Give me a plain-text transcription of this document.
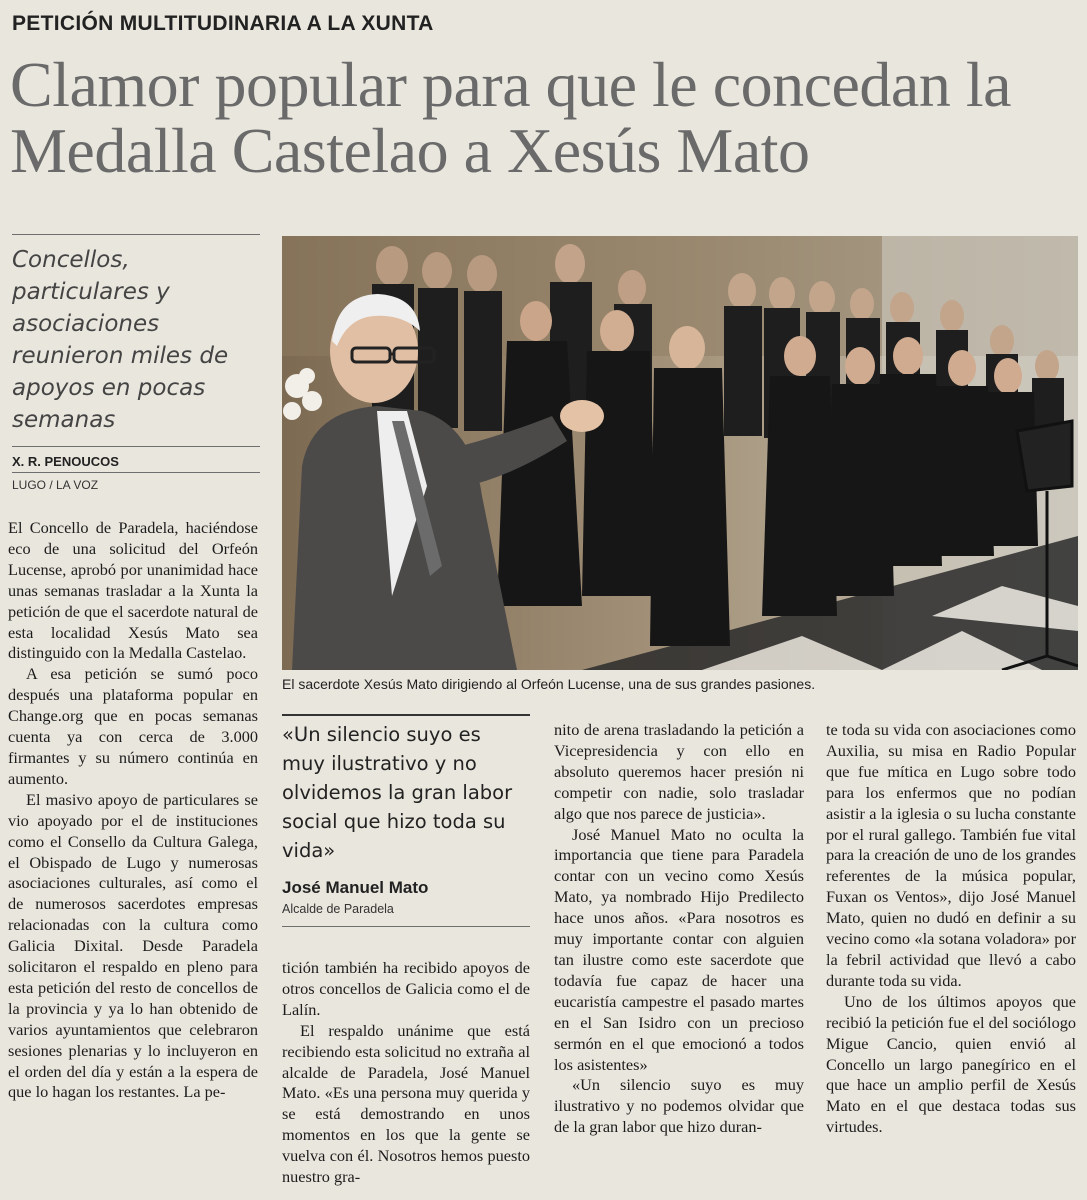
PETICIÓN MULTITUDINARIA A LA XUNTA
Clamor popular para que le concedan la Medalla Castelao a Xesús Mato
Concellos, particulares y asociaciones reunieron miles de apoyos en pocas semanas
X. R. PENOUCOS
LUGO / LA VOZ
El sacerdote Xesús Mato dirigiendo al Orfeón Lucense, una de sus grandes pasiones.

El Concello de Paradela, haciéndose eco de una solicitud del Orfeón Lucense, aprobó por unanimidad hace unas semanas trasladar a la Xunta la petición de que el sacerdote natural de esta localidad Xesús Mato sea distinguido con la Medalla Castelao.

A esa petición se sumó poco después una plataforma popular en Change.org que en pocas semanas cuenta ya con cerca de 3.000 firmantes y su número continúa en aumento.

El masivo apoyo de particulares se vio apoyado por el de instituciones como el Consello da Cultura Galega, el Obispado de Lugo y numerosas asociaciones culturales, así como el de numerosos sacerdotes empresas relacionadas con la cultura como Galicia Dixital. Desde Paradela solicitaron el respaldo en pleno para esta petición del resto de concellos de la provincia y ya lo han obtenido de varios ayuntamientos que celebraron sesiones plenarias y lo incluyeron en el orden del día y están a la espera de que lo hagan los restantes. La pe-

«Un silencio suyo es muy ilustrativo y no olvidemos la gran labor social que hizo toda su vida»
José Manuel Mato
Alcalde de Paradela

tición también ha recibido apoyos de otros concellos de Galicia como el de Lalín.

El respaldo unánime que está recibiendo esta solicitud no extraña al alcalde de Paradela, José Manuel Mato. «Es una persona muy querida y se está demostrando en unos momentos en los que la gente se vuelva con él. Nosotros hemos puesto nuestro gra-

nito de arena trasladando la petición a Vicepresidencia y con ello en absoluto queremos hacer presión ni competir con nadie, solo trasladar algo que nos parece de justicia».

José Manuel Mato no oculta la importancia que tiene para Paradela contar con un vecino como Xesús Mato, ya nombrado Hijo Predilecto hace unos años. «Para nosotros es muy importante contar con alguien tan ilustre como este sacerdote que todavía fue capaz de hacer una eucaristía campestre el pasado martes en el San Isidro con un precioso sermón en el que emocionó a todos los asistentes»

«Un silencio suyo es muy ilustrativo y no podemos olvidar que de la gran labor que hizo duran-

te toda su vida con asociaciones como Auxilia, su misa en Radio Popular que fue mítica en Lugo sobre todo para los enfermos que no podían asistir a la iglesia o su lucha constante por el rural gallego. También fue vital para la creación de uno de los grandes referentes de la música popular, Fuxan os Ventos», dijo José Manuel Mato, quien no dudó en definir a su vecino como «la sotana voladora» por la febril actividad que llevó a cabo durante toda su vida.

Uno de los últimos apoyos que recibió la petición fue el del sociólogo Migue Cancio, quien envió al Concello un largo panegírico en el que hace un amplio perfil de Xesús Mato en el que destaca todas sus virtudes.
